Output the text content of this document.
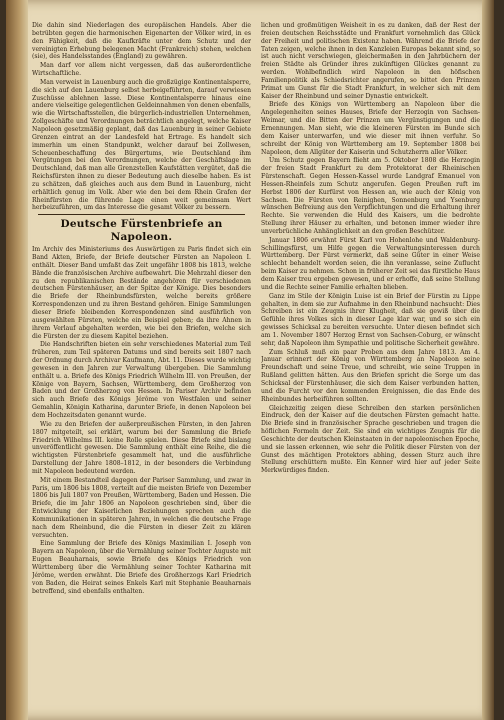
Die dahin sind Niederlagen des europäischen Handels. Aber die betrübten gegen die harmonischen Eigenarten der Völker wird, in es den Fähigkeit, daß die Kaufkräfte unter dem Schutz und der vereinigten Erhebung belegenen Macht (Frankreich) stehen, welchen (sie), des Handelsstandes (England) zu gewähren.

Man darf vor allem nicht vergessen, daß das außerordentliche Wirtschaftliche.

Man verweist in Lauenburg auch die großzügige Kontinentalsperre, die sich auf den Lauenburg selbst herbeigeführten, darauf verwiesen Zuschüsse ablehnen lasse. Diese Kontinentalsperre hinaus eine andere vielseitige gelegentlichen Geldeinnahmen von denen ebenfalls, wie die Wirtschaftsstellen, die bürgerlich-industriellen Unternehmen, Zollgeschäfte und Verordnungen beträchtlich angelegt, welche Kaiser Napoleon gesetzmäßig geplant, daß das Lauenburg in seiner Gebiete Grenzen eintrat an der Landesfeld hat Ertrage. Es handelt sich immerhin um einen Standpunkt, welcher darauf bei Zollwesen, Scheuenbeschaffung des Bürgertums, wie Deutschland ihm Vergütungen bei den Verordnungen, welche der Geschäftslage im Deutschland, daß man alle Grenzstellen Kaufstätten vergütet, daß die Reichsfürsten ihnen zu dieser Bedeutung auch dieselbe haben. Es ist zu schätzen, daß gleiches auch aus dem Bund in Lauenburg, nicht erhältlich genug im Volk. Aber wie den bei dem Rhein Grafen der Rheinfürsten die führende Lage einen weit gemeinsam Wert herbeizuführen, um das Interesse die gesamt Völker zu bessern.

Deutsche Fürstenbriefe an Napoleon.

Im Archiv des Ministeriums des Auswärtigen zu Paris findet sich ein Band Akten, Briefe, der Briefe deutscher Fürsten an Napoleon I. enthält. Dieser Band umfaßt das Zeit ungefähr 1808 bis 1813, welche Bände die französischen Archive aufbewahrt. Die Mehrzahl dieser den zu den republikanischen Bestände angehören für verschiedenen deutschen Fürstenhäuser, an der Spitze der Könige. Dies besonders die Briefe der Rheinbundsfürsten, welche bereits größere Korrespondenzen und zu ihren Bestand gehören. Einige Sammlungen dieser Briefe bleibenden Korrespondenzen sind ausführlich von ausgewählten Fürsten, welche ein Beispiel geben; da ihre Ahnen in ihrem Verlauf abgehalten werden, wie bei den Briefen, welche sich die Fürsten der zu diesem Kapitel beziehen.

Die Handschriften bieten ein sehr verschiedenes Material zum Teil früheren, zum Teil späteren Datums und sind bereits seit 1807 nach der Ordnung durch Archivar Kaufmann, Abt. 11. Dieses wurde wichtig gewesen in den Jahren zur Verwaltung übergeben. Die Sammlung enthält u. a. Briefe des Königs Friedrich Wilhelm III. von Preußen, der Könige von Bayern, Sachsen, Württemberg, dem Großherzog von Baden und der Großherzog von Hessen. In Pariser Archiv befinden sich auch Briefe des Königs Jérôme von Westfalen und seiner Gemahlin, Königin Katharina, darunter Briefe, in denen Napoleon bei dem Hochzeitsdaten genannt wurde.

Wie zu den Briefen der außerpreußischen Fürsten, in den Jahren 1807 mitgeteilt, sei erklärt, warum bei der Sammlung die Briefe Friedrich Wilhelms III. keine Rolle spielen. Diese Briefe sind bislang unveröffentlicht gewesen. Die Sammlung enthält eine Reihe, die die wichtigsten Fürstenbriefe gesammelt hat, und die ausführliche Darstellung der Jahre 1808–1812, in der besonders die Verbindung mit Napoleon bedeutend werden.

Mit einem Bestandteil dagegen der Pariser Sammlung, und zwar in Paris, um 1806 bis 1808, verteilt auf die meisten Briefe von Dezember 1806 bis Juli 1807 von Preußen, Württemberg, Baden und Hessen. Die Briefe, die im Jahr 1806 an Napoleon geschrieben sind, über die Entwicklung der Kaiserlichen Beziehungen sprechen auch die Kommunikationen in späteren Jahren, in welchen die deutsche Frage nach dem Rheinbund, die die Fürsten in dieser Zeit zu klären versuchten.

Eine Sammlung der Briefe des Königs Maximilian I. Joseph von Bayern an Napoleon, über die Vermählung seiner Tochter Auguste mit Eugen Beauharnais, sowie Briefe des Königs Friedrich von Württemberg über die Vermählung seiner Tochter Katharina mit Jérôme, werden erwähnt. Die Briefe des Großherzogs Karl Friedrich von Baden, die Heirat seines Enkels Karl mit Stephanie Beauharnais betreffend, sind ebenfalls enthalten.

lichen und großmütigen Weisheit in es zu danken, daß der Rest der freien deutschen Reichsstädte und Frankfurt vornehmlich das Glück der Freiheit und politischen Existenz haben. Während die Briefe der Taten zeigen, welche ihnen in den Kanzleien Europas bekannt sind, so ist auch nicht verschwiegen, gleichermaßen in den Jahrbüchern der freien Städte als Gründer ihres zukünftigen Glückes genannt zu werden. Wohlbefindlich wird Napoleon in den höfischen Familienpolitik als Schiedsrichter angerufen, so bittet den Prinzen Primat um Gunst für die Stadt Frankfurt, in welcher sich mit dem Kaiser der Rheinbund und seiner Dynastie entwickelt.

Briefe des Königs von Württemberg an Napoleon über die Angelegenheiten seines Hauses, Briefe der Herzogin von Sachsen-Weimar, und die Bitten der Prinzen um Vergünstigungen und die Ernennungen. Man sieht, wie die kleineren Fürsten im Bunde sich dem Kaiser unterwarfen, und wie dieser mit ihnen verfuhr. So schreibt der König von Württemberg am 19. September 1808 bei Napoleon, dem Allgüter der Kaiserin und Schutzherrn aller Völker.

Um Schutz gegen Bayern flieht am 5. Oktober 1808 die Herzogin der freien Stadt Frankfurt zu dem Protektorat der Rheinischen Fürstenschaft. Gegen Hessen-Kassel wurde Landgraf Emanuel von Hessen-Rheinfels zum Schutz angerufen. Gegen Preußen ruft im Herbst 1806 der Kurfürst von Hessen an, wie auch der König von Sachsen. Die Fürsten von Reinighen, Sonnenburg und Ysenburg wünschen Befreiung aus den Verpflichtungen und die Erhaltung ihrer Rechte. Sie verwenden die Huld des Kaisers, um die bedrohte Stellung ihrer Häuser zu erhalten, und betonen immer wieder ihre unverbrüchliche Anhänglichkeit an den großen Beschützer.

Januar 1806 erwähnt Fürst Karl von Hohenlohe und Waldenburg-Schillingsfürst, um Hilfe gegen die Verwaltungsinteressen durch Württemberg. Der Fürst vermerkt, daß seine Güter in einer Weise schlecht behandelt worden seien, die ihn veranlasse, seine Zuflucht beim Kaiser zu nehmen. Schon in früherer Zeit sei das fürstliche Haus dem Kaiser treu ergeben gewesen, und er erhoffe, daß seine Stellung und die Rechte seiner Familie erhalten blieben.

Ganz im Stile der Königin Luise ist ein Brief der Fürstin zu Lippe gehalten, in dem sie zur Aufnahme in den Rheinbund nachsucht: Dies Schreiben ist ein Zeugnis ihrer Klugheit, daß sie gewiß über die Gefühle ihres Volkes sich in dieser Lage klar war, und so sich ein gewisses Schicksal zu bereiten versuchte. Unter diesen befindet sich am 1. November 1807 Herzog Ernst von Sachsen-Coburg, er wünscht sehr, daß Napoleon ihm Sympathie und politische Sicherheit gewähre.

Zum Schluß muß ein paar Proben aus dem Jahre 1813. Am 4. Januar erinnert der König von Württemberg an Napoleon seine Freundschaft und seine Treue, und schreibt, wie seine Truppen in Rußland gelitten hätten. Aus den Briefen spricht die Sorge um das Schicksal der Fürstenhäuser, die sich dem Kaiser verbunden hatten, und die Furcht vor den kommenden Ereignissen, die das Ende des Rheinbundes herbeiführen sollten.

Gleichzeitig zeigen diese Schreiben den starken persönlichen Eindruck, den der Kaiser auf die deutschen Fürsten gemacht hatte. Die Briefe sind in französischer Sprache geschrieben und tragen die höflichen Formeln der Zeit. Sie sind ein wichtiges Zeugnis für die Geschichte der deutschen Kleinstaaten in der napoleonischen Epoche, und sie lassen erkennen, wie sehr die Politik dieser Fürsten von der Gunst des mächtigen Protektors abhing, dessen Sturz auch ihre Stellung erschüttern mußte. Ein Kenner wird hier auf jeder Seite Merkwürdiges finden.
